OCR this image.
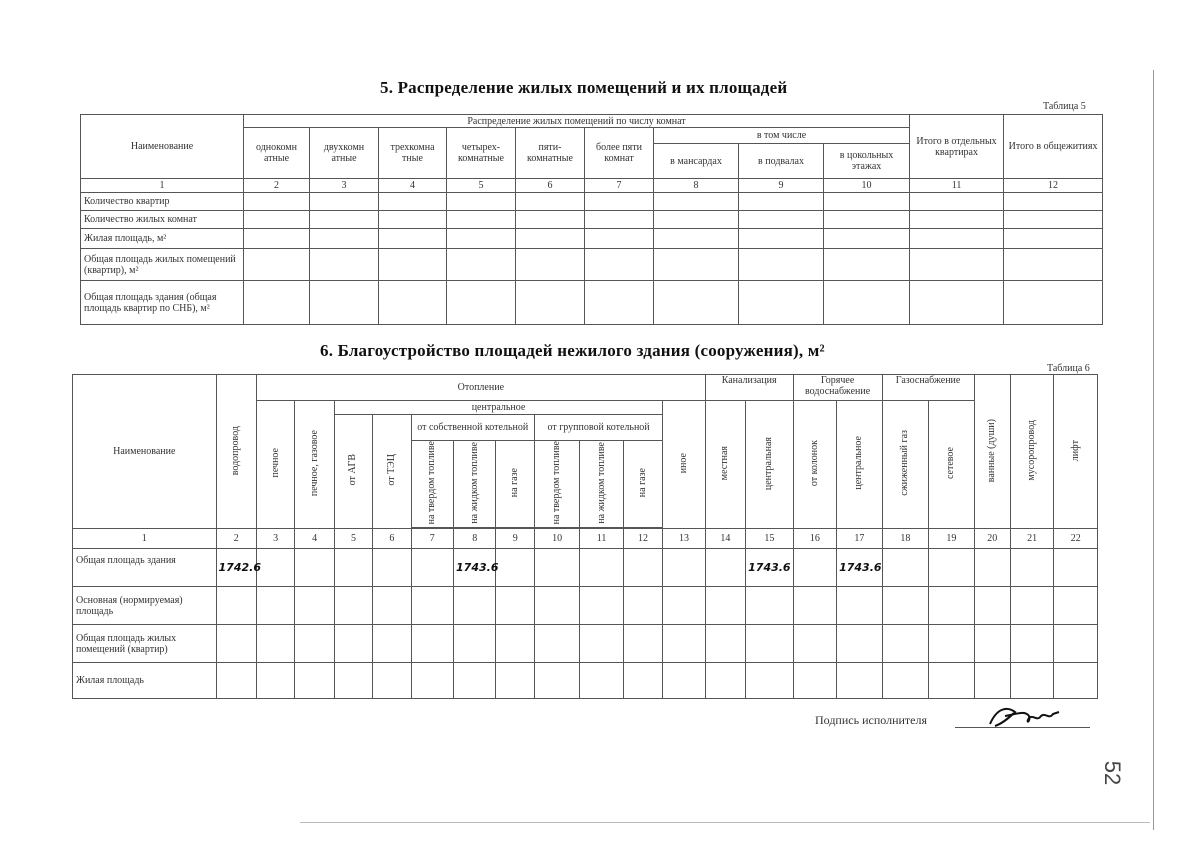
5. Распределение жилых помещений и их площадей
Таблица 5
Наименование	Распределение жилых помещений по числу комнат									Итого в отдельных квартирах	Итого в общежитиях
	однокомн атные	двухкомн атные	трехкомна тные	четырех- комнатные	пяти- комнатные	более пяти комнат	в том числе				
							в мансардах	в подвалах	в цокольных этажах		
1	2	3	4	5	6	7	8	9	10	11	12
Количество квартир											
Количество жилых комнат											
Жилая площадь, м²											
Общая площадь жилых помещений (квартир), м²											
Общая площадь здания (общая площадь квартир по СНБ), м²											
6. Благоустройство площадей нежилого здания (сооружения), м²
Таблица 6
Наименование	водопровод	Отопление											Канализация		Горячее водоснабжение		Газоснабжение		ванные (души)	мусоропровод	лифт
		печное	печное, газовое	центральное								иное	местная	центральная	от колонок	центральное	сжиженный газ	сетевое			
				от АГВ	от ТЭЦ	от собственной котельной			от групповой котельной												
						на твердом топливе	на жидком топливе	на газе	на твердом топливе	на жидком топливе	на газе										

1	2	3	4	5	6	7	8	9	10	11	12	13	14	15	16	17	18	19	20	21	22
Общая площадь здания	1742.6						1743.6							1743.6		1743.6					
Основная (нормируемая) площадь																					
Общая площадь жилых помещений (квартир)																					
Жилая площадь																					
Подпись исполнителя
52
